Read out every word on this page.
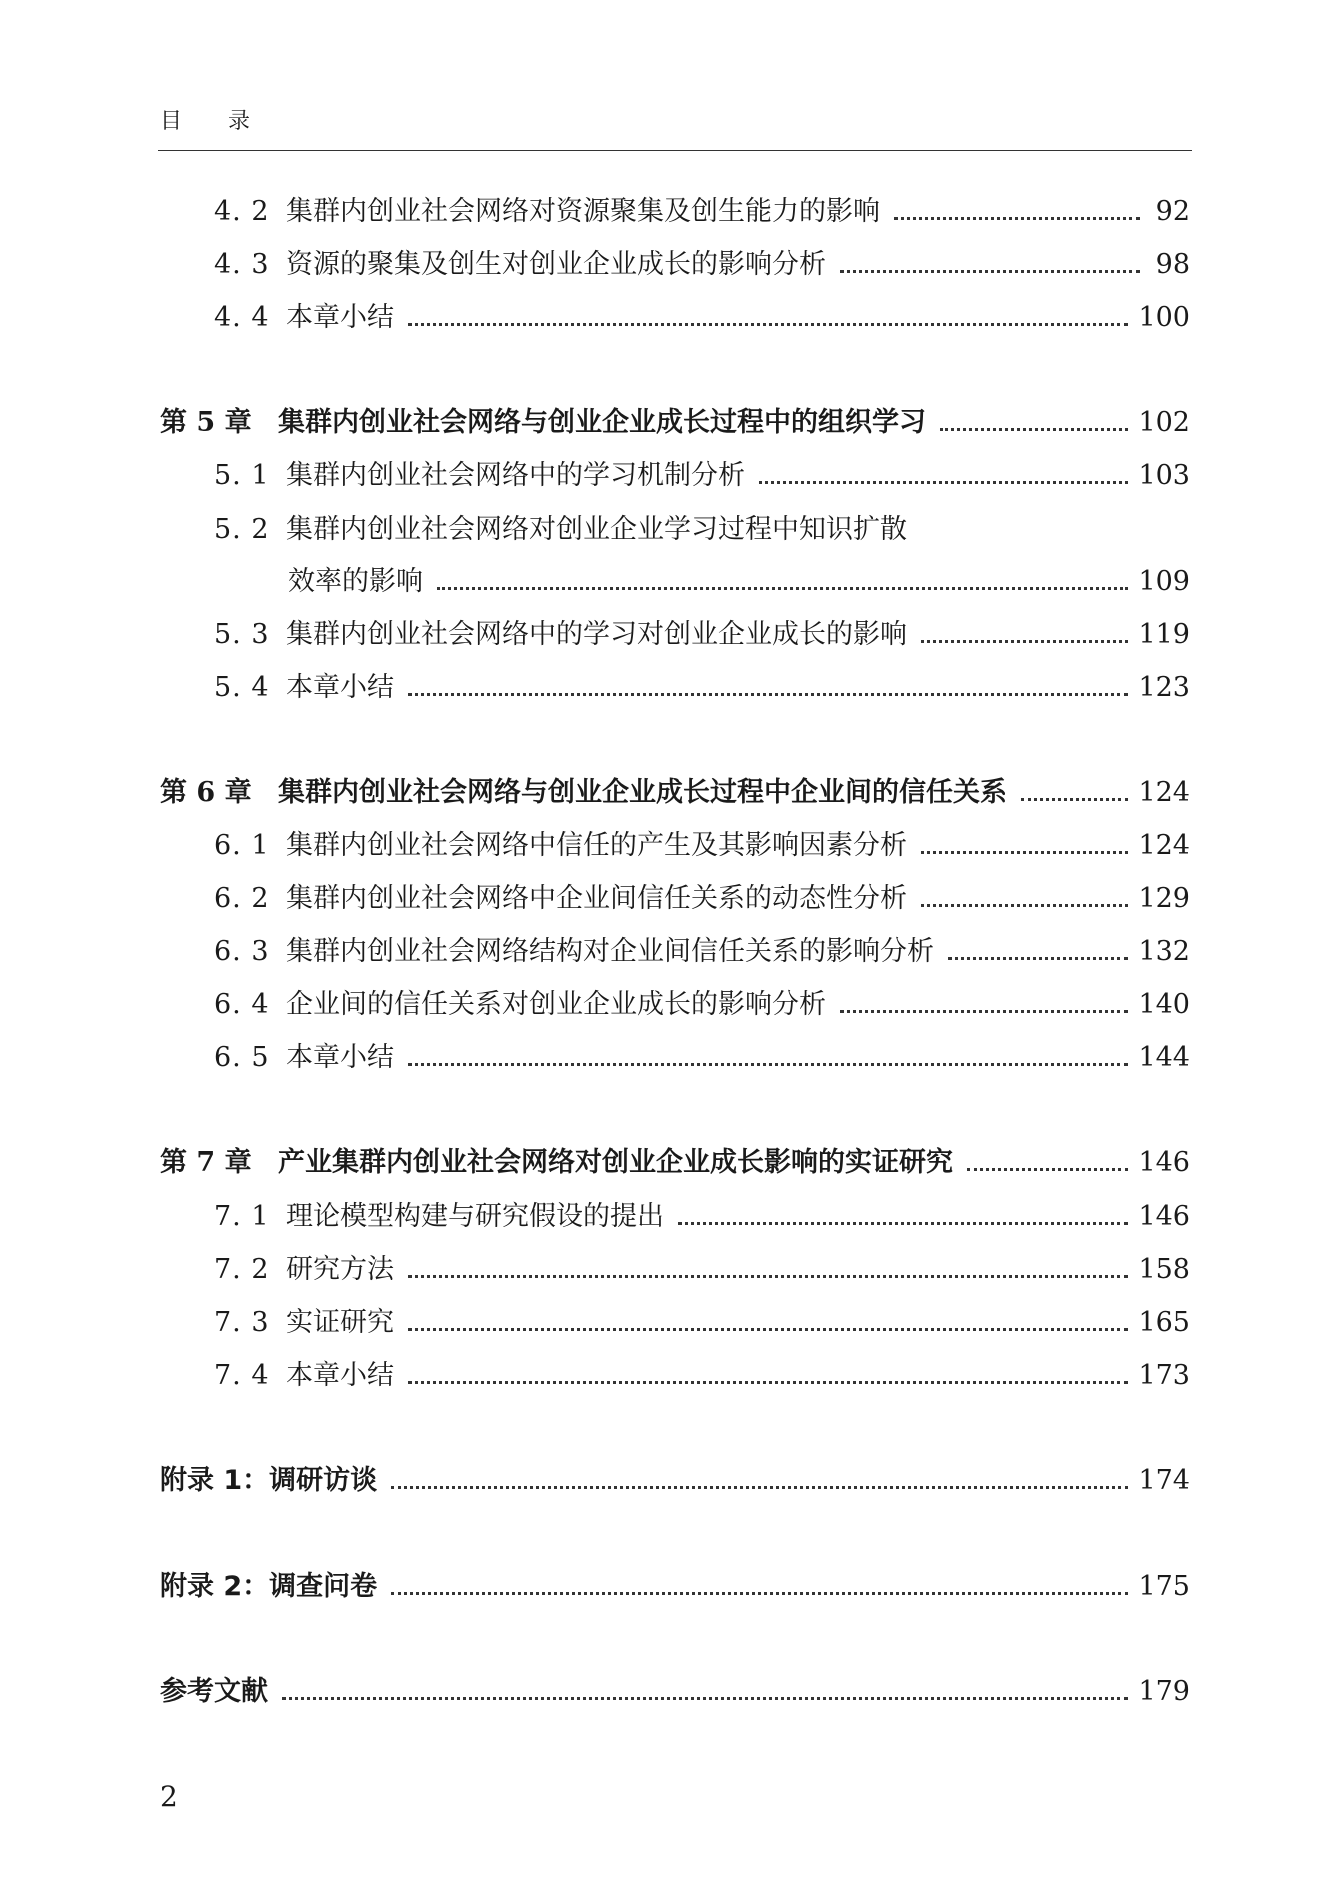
目 录
4. 2 集群内创业社会网络对资源聚集及创生能力的影响	92
4. 3 资源的聚集及创生对创业企业成长的影响分析	98
4. 4 本章小结	100
第 5 章 集群内创业社会网络与创业企业成长过程中的组织学习	102
5. 1 集群内创业社会网络中的学习机制分析	103
5. 2 集群内创业社会网络对创业企业学习过程中知识扩散
效率的影响	109
5. 3 集群内创业社会网络中的学习对创业企业成长的影响	119
5. 4 本章小结	123
第 6 章 集群内创业社会网络与创业企业成长过程中企业间的信任关系	124
6. 1 集群内创业社会网络中信任的产生及其影响因素分析	124
6. 2 集群内创业社会网络中企业间信任关系的动态性分析	129
6. 3 集群内创业社会网络结构对企业间信任关系的影响分析	132
6. 4 企业间的信任关系对创业企业成长的影响分析	140
6. 5 本章小结	144
第 7 章 产业集群内创业社会网络对创业企业成长影响的实证研究	146
7. 1 理论模型构建与研究假设的提出	146
7. 2 研究方法	158
7. 3 实证研究	165
7. 4 本章小结	173
附录 1：调研访谈	174
附录 2：调查问卷	175
参考文献	179
2
